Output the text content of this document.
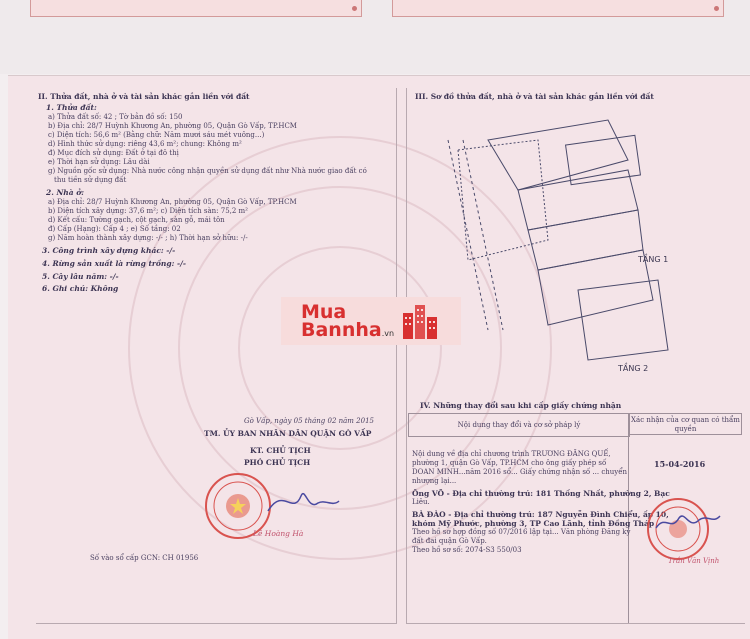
II. Thửa đất, nhà ở và tài sản khác gắn liền với đất
1. Thửa đất:
a) Thửa đất số: 42 ; Tờ bản đồ số: 150
b) Địa chỉ: 28/7 Huỳnh Khương An, phường 05, Quận Gò Vấp, TP.HCM
c) Diện tích: 56,6 m² (Bằng chữ: Năm mươi sáu mét vuông...)
d) Hình thức sử dụng: riêng 43,6 m²; chung: Không m²
đ) Mục đích sử dụng: Đất ở tại đô thị
e) Thời hạn sử dụng: Lâu dài
g) Nguồn gốc sử dụng: Nhà nước công nhận quyền sử dụng đất như Nhà nước giao đất có
thu tiền sử dụng đất
2. Nhà ở:
a) Địa chỉ: 28/7 Huỳnh Khương An, phường 05, Quận Gò Vấp, TP.HCM
b) Diện tích xây dựng: 37,6 m²; c) Diện tích sàn: 75,2 m²
d) Kết cấu: Tường gạch, cột gạch, sàn gỗ, mái tôn
đ) Cấp (Hạng): Cấp 4 ; e) Số tầng: 02
g) Năm hoàn thành xây dựng: -/- ; h) Thời hạn sở hữu: -/-
3. Công trình xây dựng khác: -/-
4. Rừng sản xuất là rừng trồng: -/-
5. Cây lâu năm: -/-
6. Ghi chú: Không
Gò Vấp, ngày 05 tháng 02 năm 2015
TM. ỦY BAN NHÂN DÂN QUẬN GÒ VẤP
KT. CHỦ TỊCH
PHÓ CHỦ TỊCH
Lê Hoàng Hà
Số vào sổ cấp GCN: CH 01956
III. Sơ đồ thửa đất, nhà ở và tài sản khác gắn liền với đất
TẦNG 1
TẦNG 2
IV. Những thay đổi sau khi cấp giấy chứng nhận
Nội dung thay đổi và cơ sở pháp lý
Xác nhận của cơ quan có thẩm quyền
Nội dung về địa chỉ chương trình TRƯƠNG ĐĂNG QUẾ,
phường 1, quận Gò Vấp, TP.HCM cho ông giấy phép số
DOAN MINH...năm 2016 sổ... Giấy chứng nhận số ... chuyển
nhượng lại...
Ông VÕ - Địa chỉ thường trú: 181 Thống Nhất, phường 2, Bạc
Liêu.
BÀ ĐÀO - Địa chỉ thường trú: 187 Nguyễn Đình Chiểu, ấp 10,
khóm Mỹ Phước, phường 3, TP Cao Lãnh, tỉnh Đồng Tháp
Theo hồ sơ hợp đồng số 07/2016 lập tại... Văn phòng Đăng ký
đất đai quận Gò Vấp.
Theo hồ sơ số: 2074-S3 550/03
15-04-2016
Trần Văn Vịnh
Mua
Bannha.vn
